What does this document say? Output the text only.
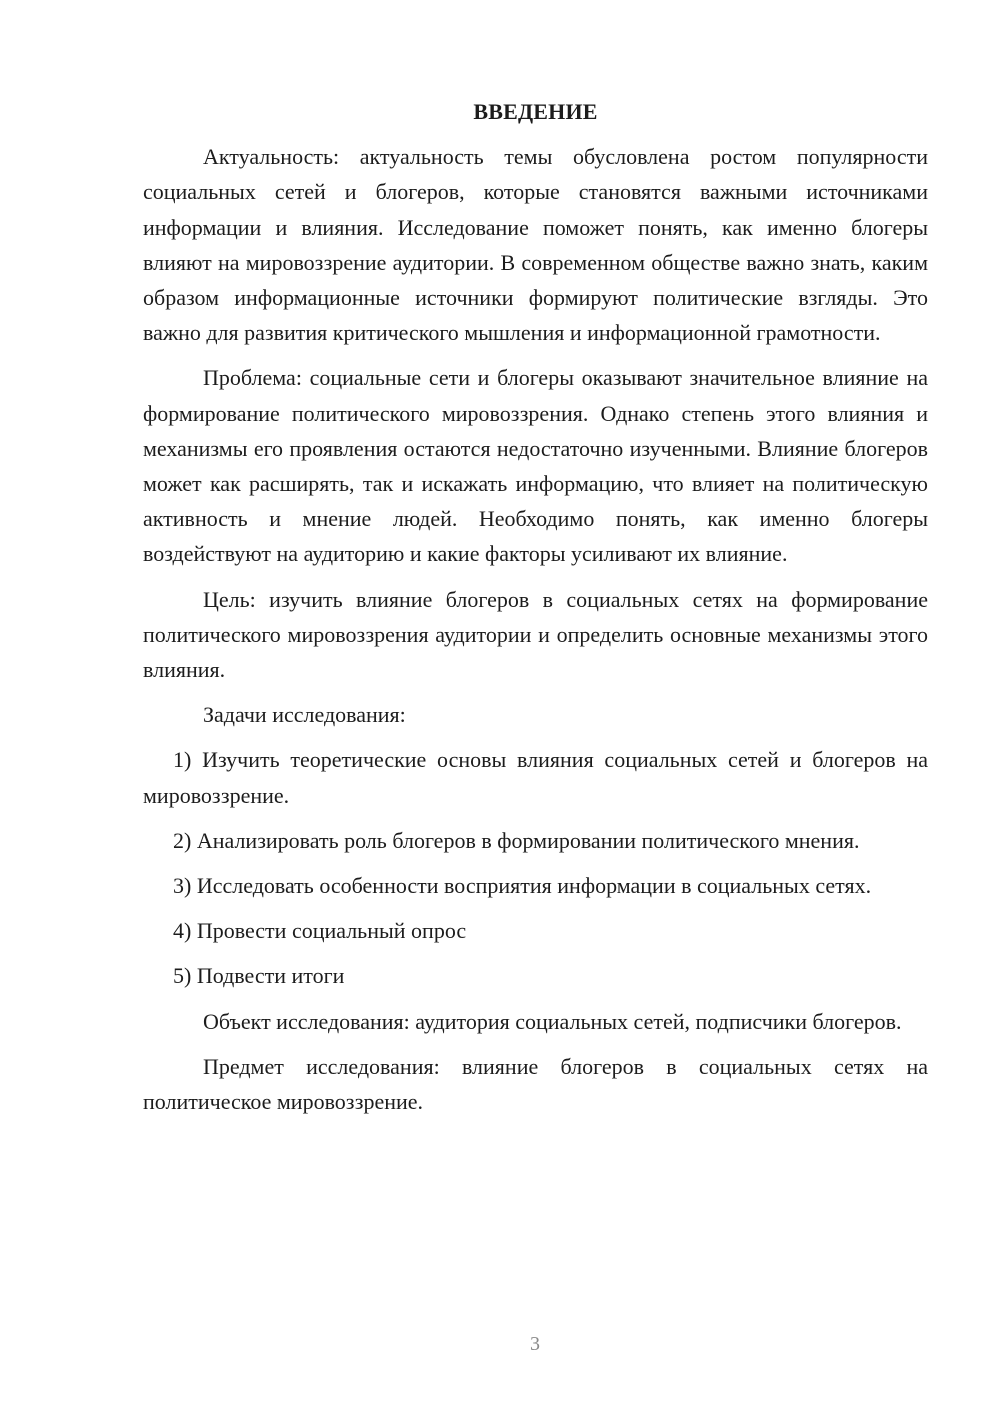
ВВЕДЕНИЕ

Актуальность: актуальность темы обусловлена ростом популярности социальных сетей и блогеров, которые становятся важными источниками информации и влияния. Исследование поможет понять, как именно блогеры влияют на мировоззрение аудитории. В современном обществе важно знать, каким образом информационные источники формируют политические взгляды. Это важно для развития критического мышления и информационной грамотности.

Проблема: социальные сети и блогеры оказывают значительное влияние на формирование политического мировоззрения. Однако степень этого влияния и механизмы его проявления остаются недостаточно изученными. Влияние блогеров может как расширять, так и искажать информацию, что влияет на политическую активность и мнение людей. Необходимо понять, как именно блогеры воздействуют на аудиторию и какие факторы усиливают их влияние.

Цель: изучить влияние блогеров в социальных сетях на формирование политического мировоззрения аудитории и определить основные механизмы этого влияния.

Задачи исследования:

1) Изучить теоретические основы влияния социальных сетей и блогеров на мировоззрение.

2) Анализировать роль блогеров в формировании политического мнения.

3) Исследовать особенности восприятия информации в социальных сетях.

4) Провести социальный опрос

5) Подвести итоги

Объект исследования: аудитория социальных сетей, подписчики блогеров.

Предмет исследования: влияние блогеров в социальных сетях на политическое мировоззрение.

3
